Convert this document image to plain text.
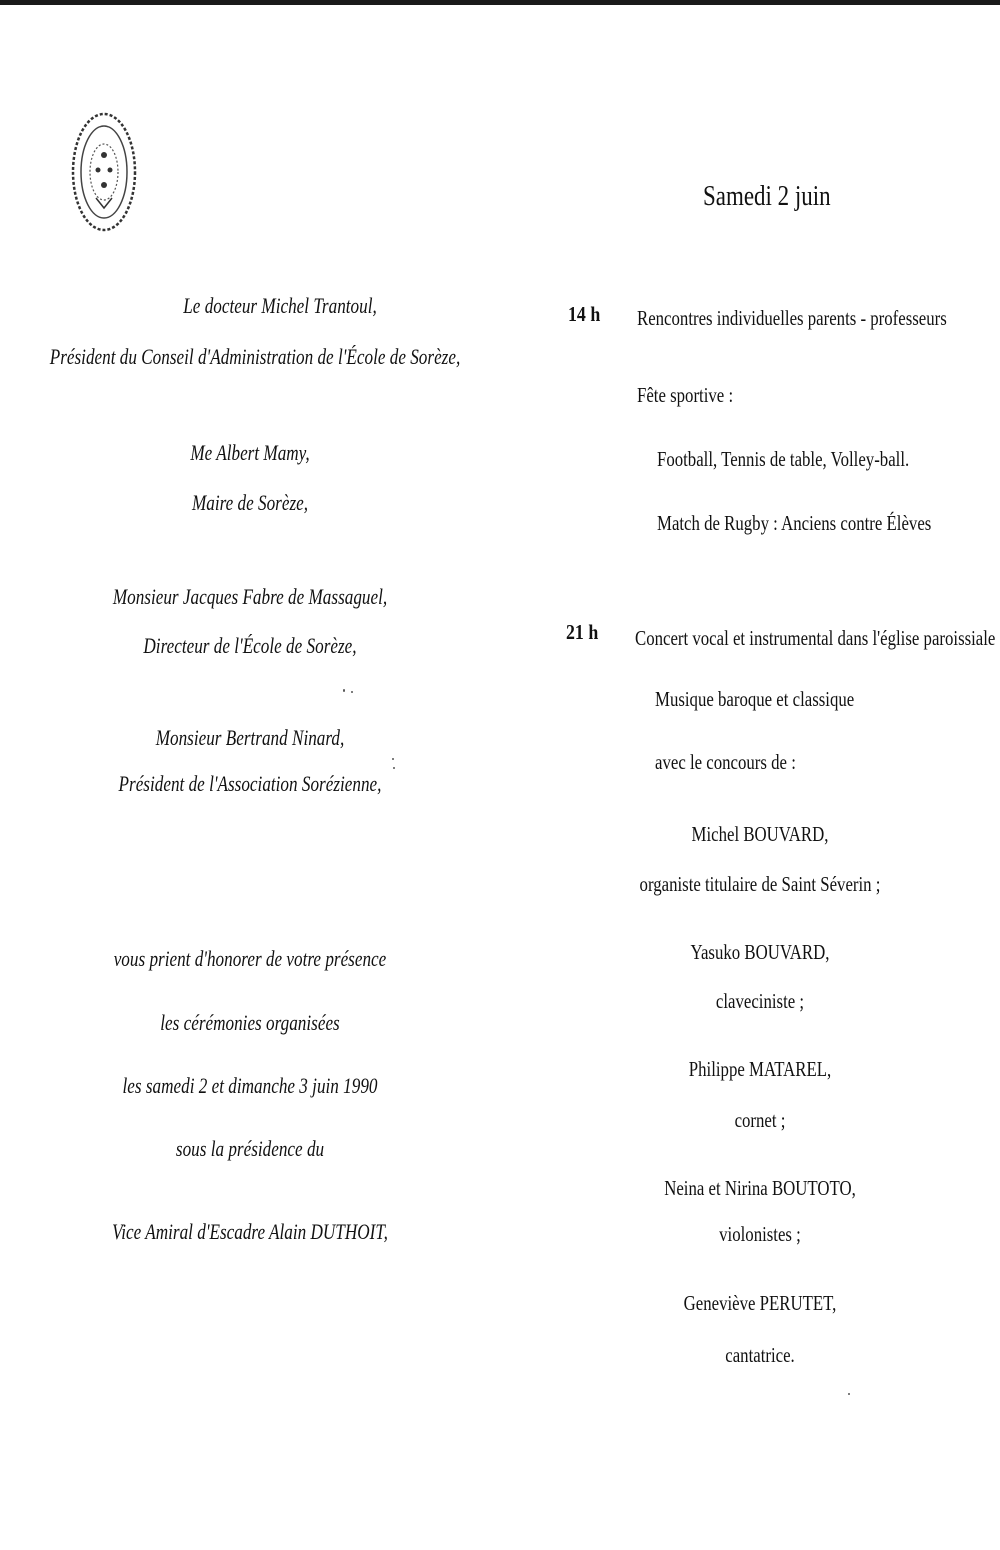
Le docteur Michel Trantoul,
Président du Conseil d'Administration de l'École de Sorèze,
Me Albert Mamy,
Maire de Sorèze,
Monsieur Jacques Fabre de Massaguel,
Directeur de l'École de Sorèze,
Monsieur Bertrand Ninard,
Président de l'Association Sorézienne,
vous prient d'honorer de votre présence
les cérémonies organisées
les samedi 2 et dimanche 3 juin 1990
sous la présidence du
Vice Amiral d'Escadre Alain DUTHOIT,
Samedi 2 juin
14 h Rencontres individuelles parents - professeurs
Fête sportive :
Football, Tennis de table, Volley-ball.
Match de Rugby : Anciens contre Élèves
21 h Concert vocal et instrumental dans l'église paroissiale
Musique baroque et classique
avec le concours de :
Michel BOUVARD,
organiste titulaire de Saint Séverin ;
Yasuko BOUVARD,
claveciniste ;
Philippe MATAREL,
cornet ;
Neina et Nirina BOUTOTO,
violonistes ;
Geneviève PERUTET,
cantatrice.
